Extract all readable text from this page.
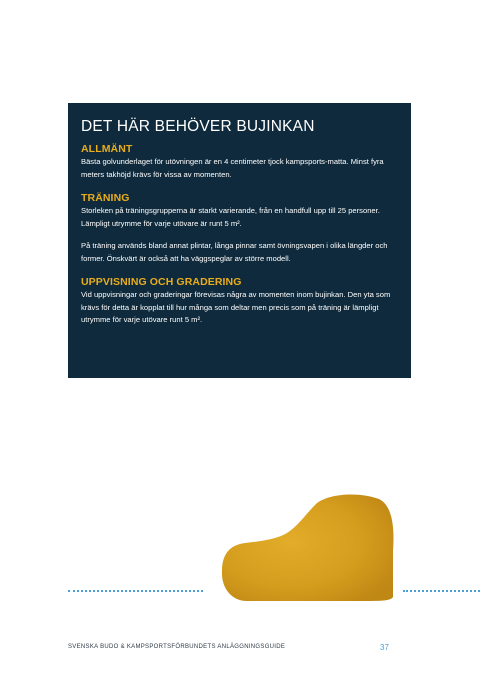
DET HÄR BEHÖVER BUJINKAN
ALLMÄNT

Bästa golvunderlaget för utövningen är en 4 centimeter tjock kampsports-matta. Minst fyra meters takhöjd krävs för vissa av momenten.

TRÄNING

Storleken på träningsgrupperna är starkt varierande, från en handfull upp till 25 personer. Lämpligt utrymme för varje utövare är runt 5 m².

På träning används bland annat plintar, långa pinnar samt övningsvapen i olika längder och former. Önskvärt är också att ha väggspeglar av större modell.

UPPVISNING OCH GRADERING

Vid uppvisningar och graderingar förevisas några av momenten inom bujinkan. Den yta som krävs för detta är kopplat till hur många som deltar men precis som på träning är lämpligt utrymme för varje utövare runt 5 m².

SVENSKA BUDO & KAMPSPORTSFÖRBUNDETS ANLÄGGNINGSGUIDE	37
